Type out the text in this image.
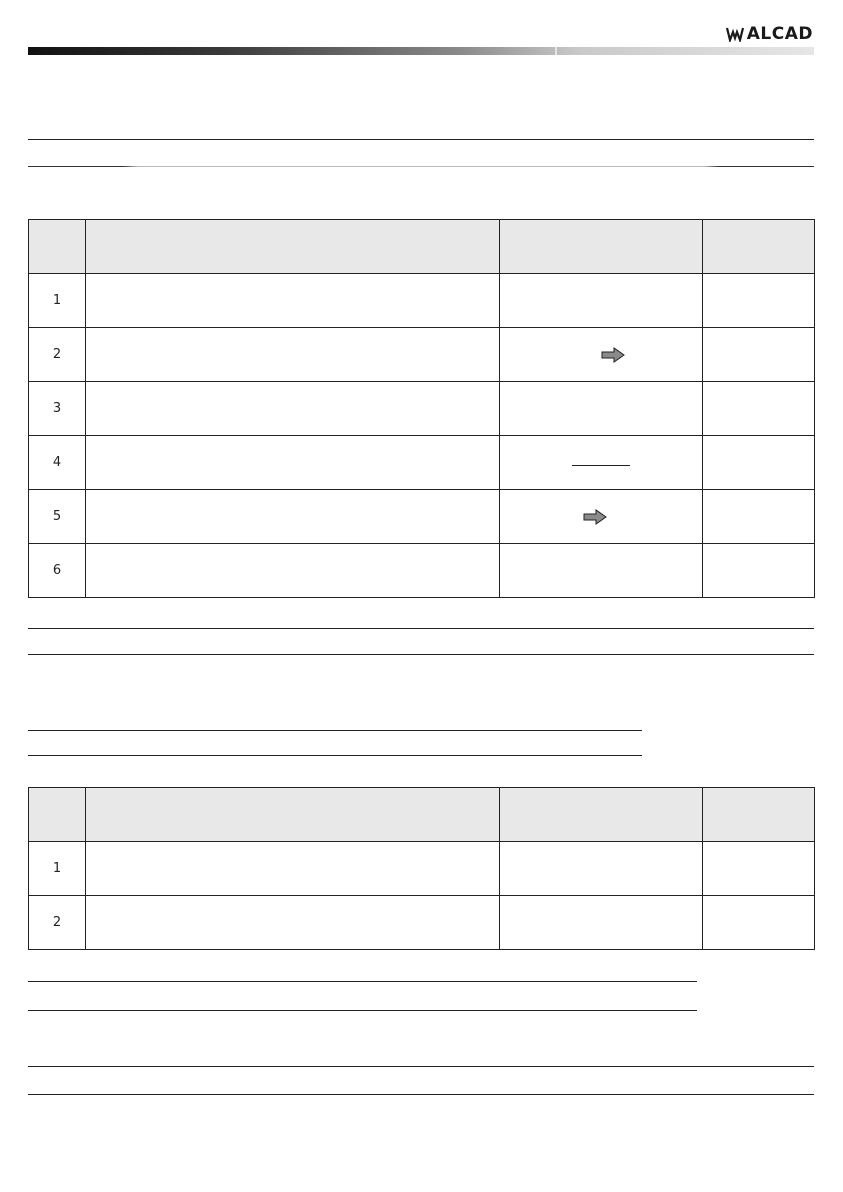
ALCAD

1			
2			
3			
4			
5			
6			

1			
2			
